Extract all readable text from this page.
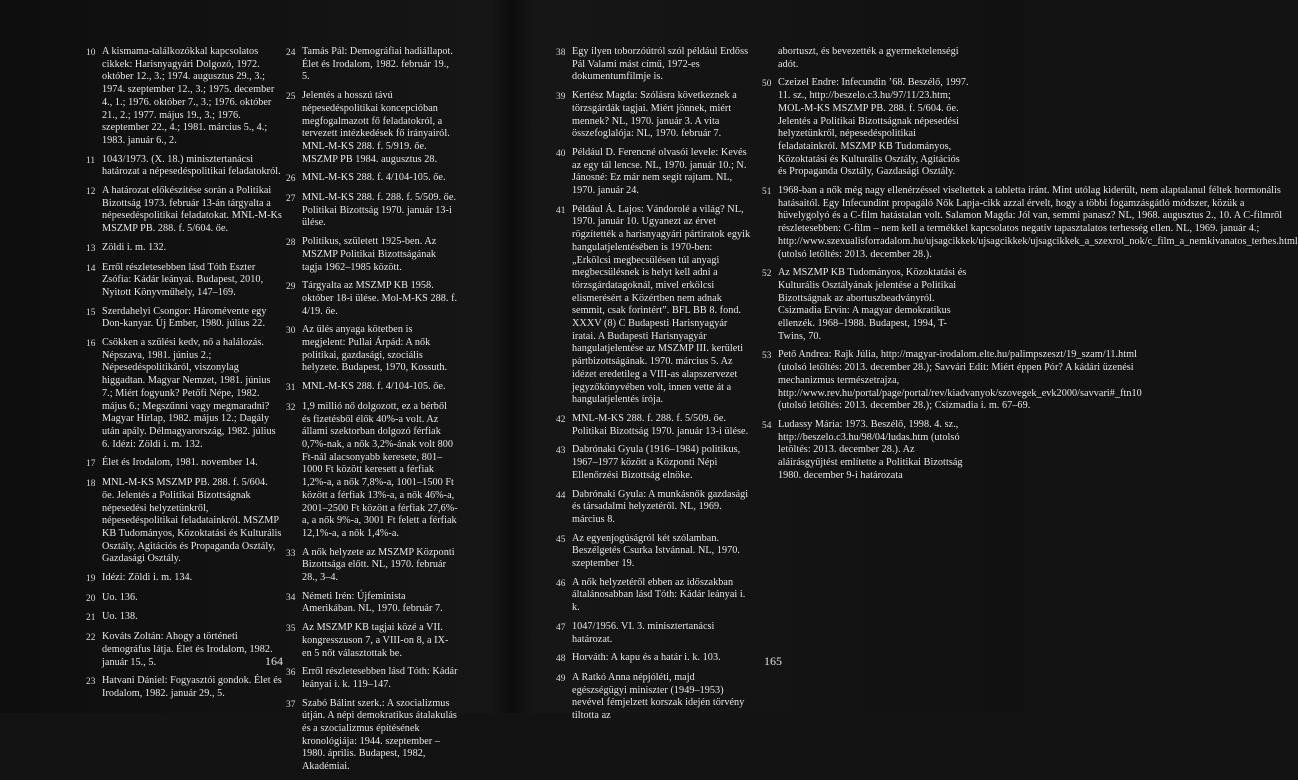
10 A kismama-találkozókkal kapcsolatos cikkek: Harisnyagyári Dolgozó, 1972. október 12., 3.; 1974. augusztus 29., 3.; 1974. szeptember 12., 3.; 1975. december 4., 1.; 1976. október 7., 3.; 1976. október 21., 2.; 1977. május 19., 3.; 1976. szeptember 22., 4.; 1981. március 5., 4.; 1983. január 6., 2.
11 1043/1973. (X. 18.) minisztertanácsi határozat a népesedéspolitikai feladatokról.
12 A határozat előkészítése során a Politikai Bizottság 1973. február 13-án tárgyalta a népesedéspolitikai feladatokat. MNL-M-Ks MSZMP PB. 288. f. 5/604. őe.
13 Zöldi i. m. 132.
14 Erről részletesebben lásd Tóth Eszter Zsófia: Kádár leányai. Budapest, 2010, Nyitott Könyvműhely, 147–169.
15 Szerdahelyi Csongor: Háromévente egy Don-kanyar. Új Ember, 1980. július 22.
16 Csökken a szülési kedv, nő a halálozás. Népszava, 1981. június 2.; Népesedéspolitikáról, viszonylag higgadtan. Magyar Nemzet, 1981. június 7.; Miért fogyunk? Petőfi Népe, 1982. május 6.; Megszűnni vagy megmaradni? Magyar Hírlap, 1982. május 12.; Dagály után apály. Délmagyarország, 1982. július 6. Idézi: Zöldi i. m. 132.
17 Élet és Irodalom, 1981. november 14.
18 MNL-M-KS MSZMP PB. 288. f. 5/604. őe. Jelentés a Politikai Bizottságnak népesedési helyzetünkről, népesedéspolitikai feladatainkról. MSZMP KB Tudományos, Közoktatási és Kulturális Osztály, Agitációs és Propaganda Osztály, Gazdasági Osztály.
19 Idézi: Zöldi i. m. 134.
20 Uo. 136.
21 Uo. 138.
22 Kováts Zoltán: Ahogy a történeti demográfus látja. Élet és Irodalom, 1982. január 15., 5.
23 Hatvani Dániel: Fogyasztói gondok. Élet és Irodalom, 1982. január 29., 5.
24 Tamás Pál: Demográfiai hadiállapot. Élet és Irodalom, 1982. február 19., 5.
25 Jelentés a hosszú távú népesedéspolitikai koncepcióban megfogalmazott fő feladatokról, a tervezett intézkedések fő irányairól. MNL-M-KS 288. f. 5/919. őe. MSZMP PB 1984. augusztus 28.
26 MNL-M-KS 288. f. 4/104-105. őe.
27 MNL-M-KS 288. f. 288. f. 5/509. őe. Politikai Bizottság 1970. január 13-i ülése.
28 Politikus, született 1925-ben. Az MSZMP Politikai Bizottságának tagja 1962–1985 között.
29 Tárgyalta az MSZMP KB 1958. október 18-i ülése. Mol-M-KS 288. f. 4/19. őe.
30 Az ülés anyaga kötetben is megjelent: Pullai Árpád: A nők politikai, gazdasági, szociális helyzete. Budapest, 1970, Kossuth.
31 MNL-M-KS 288. f. 4/104-105. őe.
32 1,9 millió nő dolgozott, ez a bérből és fizetésből élők 40%-a volt. Az állami szektorban dolgozó férfiak 0,7%-nak, a nők 3,2%-ának volt 800 Ft-nál alacsonyabb keresete, 801–1000 Ft között keresett a férfiak 1,2%-a, a nők 7,8%-a, 1001–1500 Ft között a férfiak 13%-a, a nők 46%-a, 2001–2500 Ft között a férfiak 27,6%-a, a nők 9%-a, 3001 Ft felett a férfiak 12,1%-a, a nők 1,4%-a.
33 A nők helyzete az MSZMP Központi Bizottsága előtt. NL, 1970. február 28., 3–4.
34 Németi Irén: Újfeminista Amerikában. NL, 1970. február 7.
35 Az MSZMP KB tagjai közé a VII. kongresszuson 7, a VIII-on 8, a IX-en 5 nőt választottak be.
36 Erről részletesebben lásd Tóth: Kádár leányai i. k. 119–147.
37 Szabó Bálint szerk.: A szocializmus útján. A népi demokratikus átalakulás és a szocializmus építésének kronológiája: 1944. szeptember – 1980. április. Budapest, 1982, Akadémiai.
38 Egy ilyen toborzóútról szól például Erdőss Pál Valami mást című, 1972-es dokumentumfilmje is.
39 Kertész Magda: Szólásra következnek a törzsgárdák tagjai. Miért jönnek, miért mennek? NL, 1970. január 3. A vita összefoglalója: NL, 1970. február 7.
40 Például D. Ferencné olvasói levele: Kevés az egy tál lencse. NL, 1970. január 10.; N. Jánosné: Ez már nem segít rajtam. NL, 1970. január 24.
41 Például Á. Lajos: Vándorolé a világ? NL, 1970. január 10. Ugyanezt az érvet rögzítették a harisnyagyári pártiratok egyik hangulatjelentésében is 1970-ben: „Erkölcsi megbecsülésen túl anyagi megbecsülésnek is helyt kell adni a törzsgárdatagoknál, mivel erkölcsi elismerésért a Közértben nem adnak semmit, csak forintért”. BFL BB 8. fond. XXXV (8) C Budapesti Harisnyagyár iratai. A Budapesti Harisnyagyár hangulatjelentése az MSZMP III. kerületi pártbizottságának. 1970. március 5. Az idézet eredetileg a VIII-as alapszervezet jegyzőkönyvében volt, innen vette át a hangulatjelentés írója.
42 MNL-M-KS 288. f. 288. f. 5/509. őe. Politikai Bizottság 1970. január 13-i ülése.
43 Dabrónaki Gyula (1916–1984) politikus, 1967–1977 között a Központi Népi Ellenőrzési Bizottság elnöke.
44 Dabrónaki Gyula: A munkásnők gazdasági és társadalmi helyzetéről. NL, 1969. március 8.
45 Az egyenjogúságról két szólamban. Beszélgetés Csurka Istvánnal. NL, 1970. szeptember 19.
46 A nők helyzetéről ebben az időszakban általánosabban lásd Tóth: Kádár leányai i. k.
47 1047/1956. VI. 3. minisztertanácsi határozat.
48 Horváth: A kapu és a határ i. k. 103.
49 A Ratkó Anna népjóléti, majd egészségügyi miniszter (1949–1953) nevével fémjelzett korszak idején törvény tiltotta az
abortuszt, és bevezették a gyermektelenségi adót.
50 Czeizel Endre: Infecundin ’68. Beszélő, 1997. 11. sz., http://beszelo.c3.hu/97/11/23.htm; MOL-M-KS MSZMP PB. 288. f. 5/604. őe. Jelentés a Politikai Bizottságnak népesedési helyzetünkről, népesedéspolitikai feladatainkról. MSZMP KB Tudományos, Közoktatási és Kulturális Osztály, Agitációs és Propaganda Osztály, Gazdasági Osztály.
51 1968-ban a nők még nagy ellenérzéssel viseltettek a tabletta iránt. Mint utólag kiderült, nem alaptalanul féltek hormonális hatásaitól. Egy Infecundint propagáló Nők Lapja-cikk azzal érvelt, hogy a többi fogamzásgátló módszer, közük a hüvelygolyó és a C-film hatástalan volt. Salamon Magda: Jól van, semmi panasz? NL, 1968. augusztus 2., 10. A C-filmről részletesebben: C-film – nem kell a termékkel kapcsolatos negatív tapasztalatos terhesség ellen. NL, 1969. január 4.; http://www.szexualisforradalom.hu/ujsagcikkek/ujsagcikkek/ujsagcikkek_a_szexrol_nok/c_film_a_nemkivanatos_terhes.html (utolsó letöltés: 2013. december 28.).
52 Az MSZMP KB Tudományos, Közoktatási és Kulturális Osztályának jelentése a Politikai Bizottságnak az abortuszbeadványról. Csizmadia Ervin: A magyar demokratikus ellenzék. 1968–1988. Budapest, 1994, T-Twins, 70.
53 Pető Andrea: Rajk Júlia, http://magyar-irodalom.elte.hu/palimpszeszt/19_szam/11.html (utolsó letöltés: 2013. december 28.); Savvári Edit: Miért éppen Pór? A kádári üzenési mechanizmus természetrajza, http://www.rev.hu/portal/page/portal/rev/kiadvanyok/szovegek_evk2000/savvari#_ftn10 (utolsó letöltés: 2013. december 28.); Csizmadia i. m. 67–69.
54 Ludassy Mária: 1973. Beszélő, 1998. 4. sz., http://beszelo.c3.hu/98/04/ludas.htm (utolsó letöltés: 2013. december 28.). Az aláírásgyűjtést említette a Politikai Bizottság 1980. december 9-i határozata
164	165
